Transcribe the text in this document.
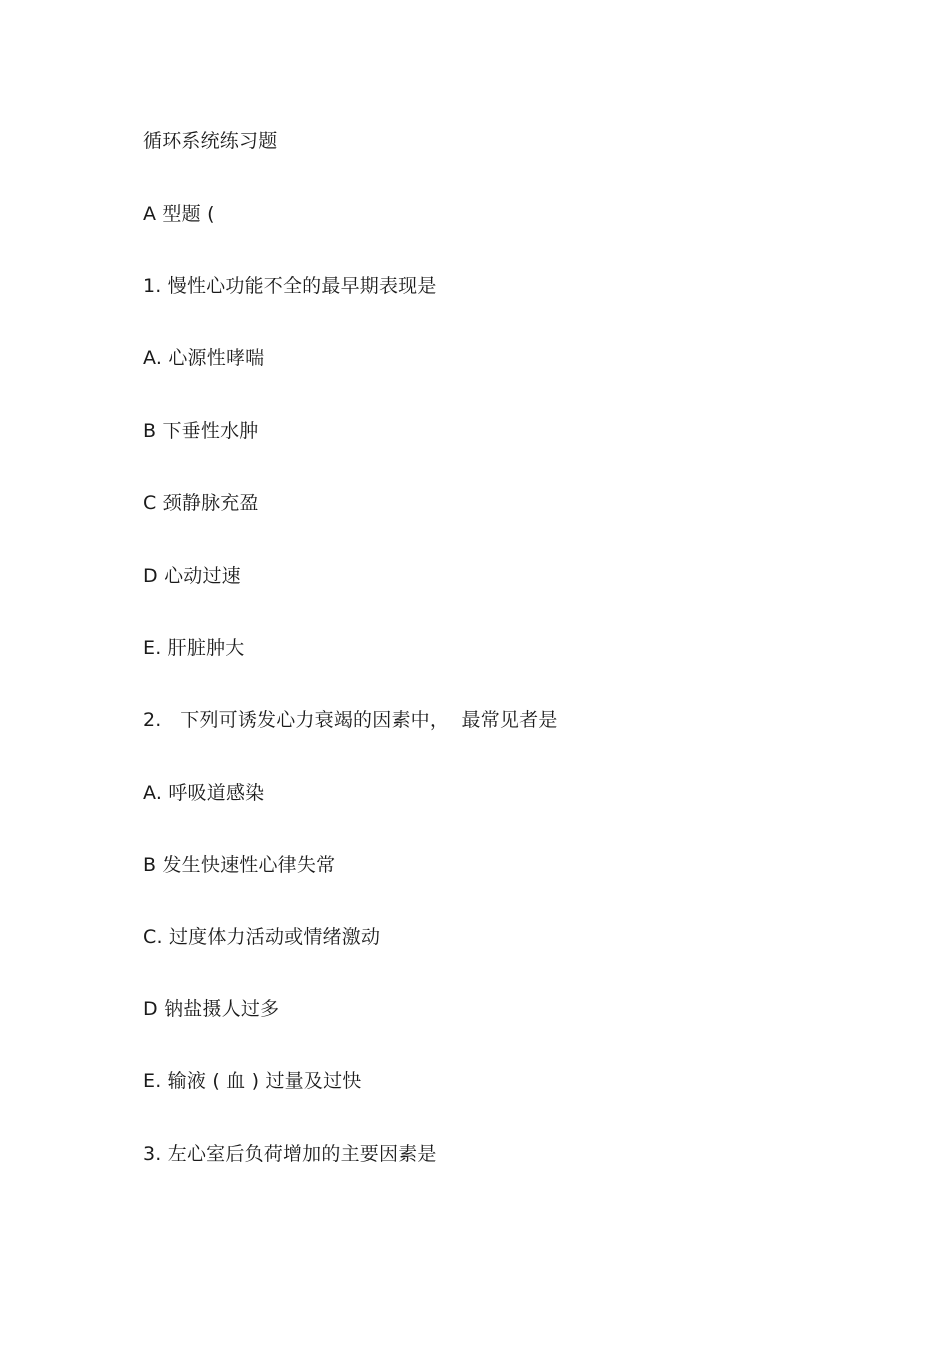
循环系统练习题
A 型题 (
1. 慢性心功能不全的最早期表现是
A. 心源性哮喘
B 下垂性水肿
C 颈静脉充盈
D 心动过速
E. 肝脏肿大
2.   下列可诱发心力衰竭的因素中，  最常见者是
A. 呼吸道感染
B 发生快速性心律失常
C. 过度体力活动或情绪激动
D 钠盐摄人过多
E. 输液 ( 血 ) 过量及过快
3. 左心室后负荷增加的主要因素是
